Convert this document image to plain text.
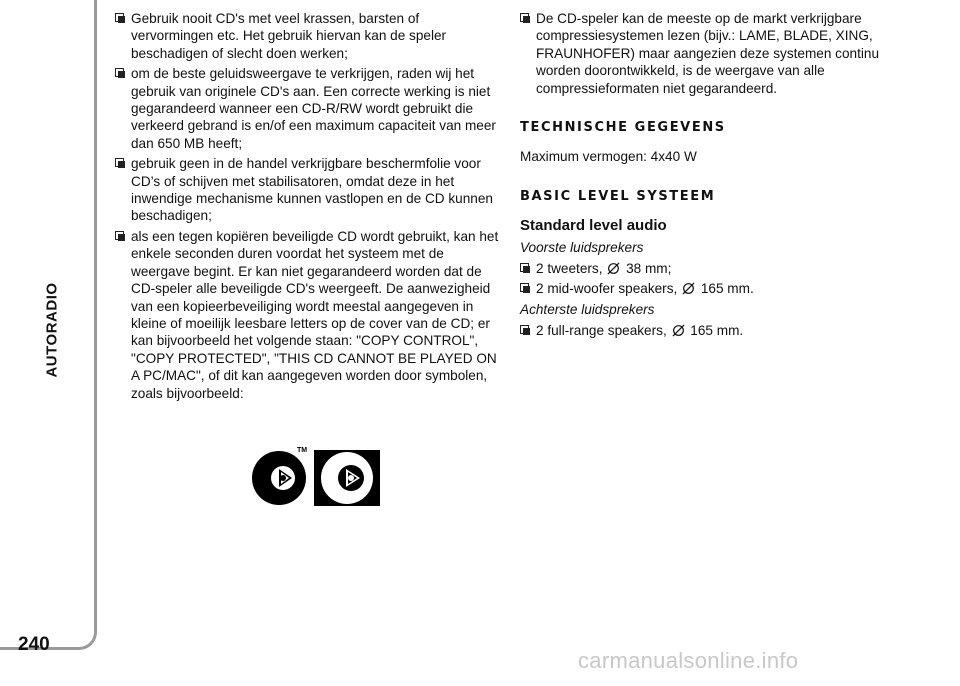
AUTORADIO
240
Gebruik nooit CD's met veel krassen, barsten of vervormingen etc. Het gebruik hiervan kan de speler beschadigen of slecht doen werken;
om de beste geluidsweergave te verkrijgen, raden wij het gebruik van originele CD's aan. Een correcte werking is niet gegarandeerd wanneer een CD-R/RW wordt gebruikt die verkeerd gebrand is en/of een maximum capaciteit van meer dan 650 MB heeft;
gebruik geen in de handel verkrijgbare beschermfolie voor CD’s of schijven met stabilisatoren, omdat deze in het inwendige mechanisme kunnen vastlopen en de CD kunnen beschadigen;
als een tegen kopiëren beveiligde CD wordt gebruikt, kan het enkele seconden duren voordat het systeem met de weergave begint. Er kan niet gegarandeerd worden dat de CD-speler alle beveiligde CD's weergeeft. De aanwezigheid van een kopieerbeveiliging wordt meestal aangegeven in kleine of moeilijk leesbare letters op de cover van de CD; er kan bijvoorbeeld het volgende staan: "COPY CONTROL", "COPY PROTECTED", "THIS CD CANNOT BE PLAYED ON A PC/MAC", of dit kan aangegeven worden door symbolen, zoals bijvoorbeeld:
TM
TM
De CD-speler kan de meeste op de markt verkrijgbare compressiesystemen lezen (bijv.: LAME, BLADE, XING, FRAUNHOFER) maar aangezien deze systemen continu worden doorontwikkeld, is de weergave van alle compressieformaten niet gegarandeerd.
TECHNISCHE GEGEVENS
Maximum vermogen: 4x40 W
BASIC LEVEL SYSTEEM
Standard level audio
Voorste luidsprekers
2 tweeters, 38 mm;
2 mid-woofer speakers, 165 mm.
Achterste luidsprekers
2 full-range speakers, 165 mm.
carmanualsonline.info
